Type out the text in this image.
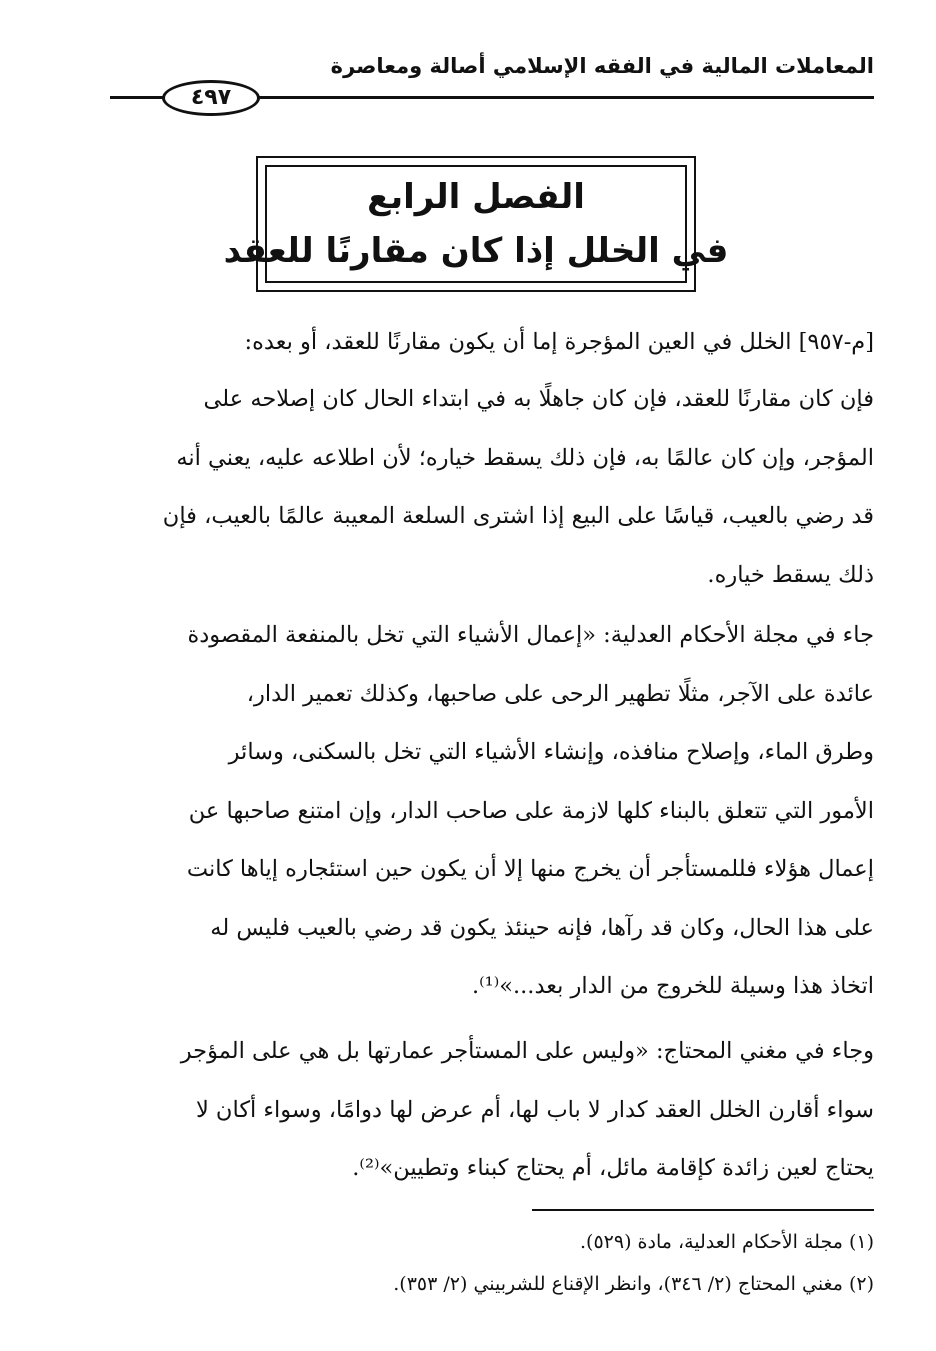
المعاملات المالية في الفقه الإسلامي أصالة ومعاصرة
٤٩٧
الفصل الرابع
في الخلل إذا كان مقارنًا للعقد

[م-٩٥٧] الخلل في العين المؤجرة إما أن يكون مقارنًا للعقد، أو بعده:

فإن كان مقارنًا للعقد، فإن كان جاهلًا به في ابتداء الحال كان إصلاحه على
المؤجر، وإن كان عالمًا به، فإن ذلك يسقط خياره؛ لأن اطلاعه عليه، يعني أنه
قد رضي بالعيب، قياسًا على البيع إذا اشترى السلعة المعيبة عالمًا بالعيب، فإن
ذلك يسقط خياره.

جاء في مجلة الأحكام العدلية: «إعمال الأشياء التي تخل بالمنفعة المقصودة
عائدة على الآجر، مثلًا تطهير الرحى على صاحبها، وكذلك تعمير الدار،
وطرق الماء، وإصلاح منافذه، وإنشاء الأشياء التي تخل بالسكنى، وسائر
الأمور التي تتعلق بالبناء كلها لازمة على صاحب الدار، وإن امتنع صاحبها عن
إعمال هؤلاء فللمستأجر أن يخرج منها إلا أن يكون حين استئجاره إياها كانت
على هذا الحال، وكان قد رآها، فإنه حينئذ يكون قد رضي بالعيب فليس له
اتخاذ هذا وسيلة للخروج من الدار بعد...»⁽¹⁾.

وجاء في مغني المحتاج: «وليس على المستأجر عمارتها بل هي على المؤجر
سواء أقارن الخلل العقد كدار لا باب لها، أم عرض لها دوامًا، وسواء أكان لا
يحتاج لعين زائدة كإقامة مائل، أم يحتاج كبناء وتطيين»⁽²⁾.

(١) مجلة الأحكام العدلية، مادة (٥٢٩).
(٢) مغني المحتاج (٢/ ٣٤٦)، وانظر الإقناع للشربيني (٢/ ٣٥٣).
